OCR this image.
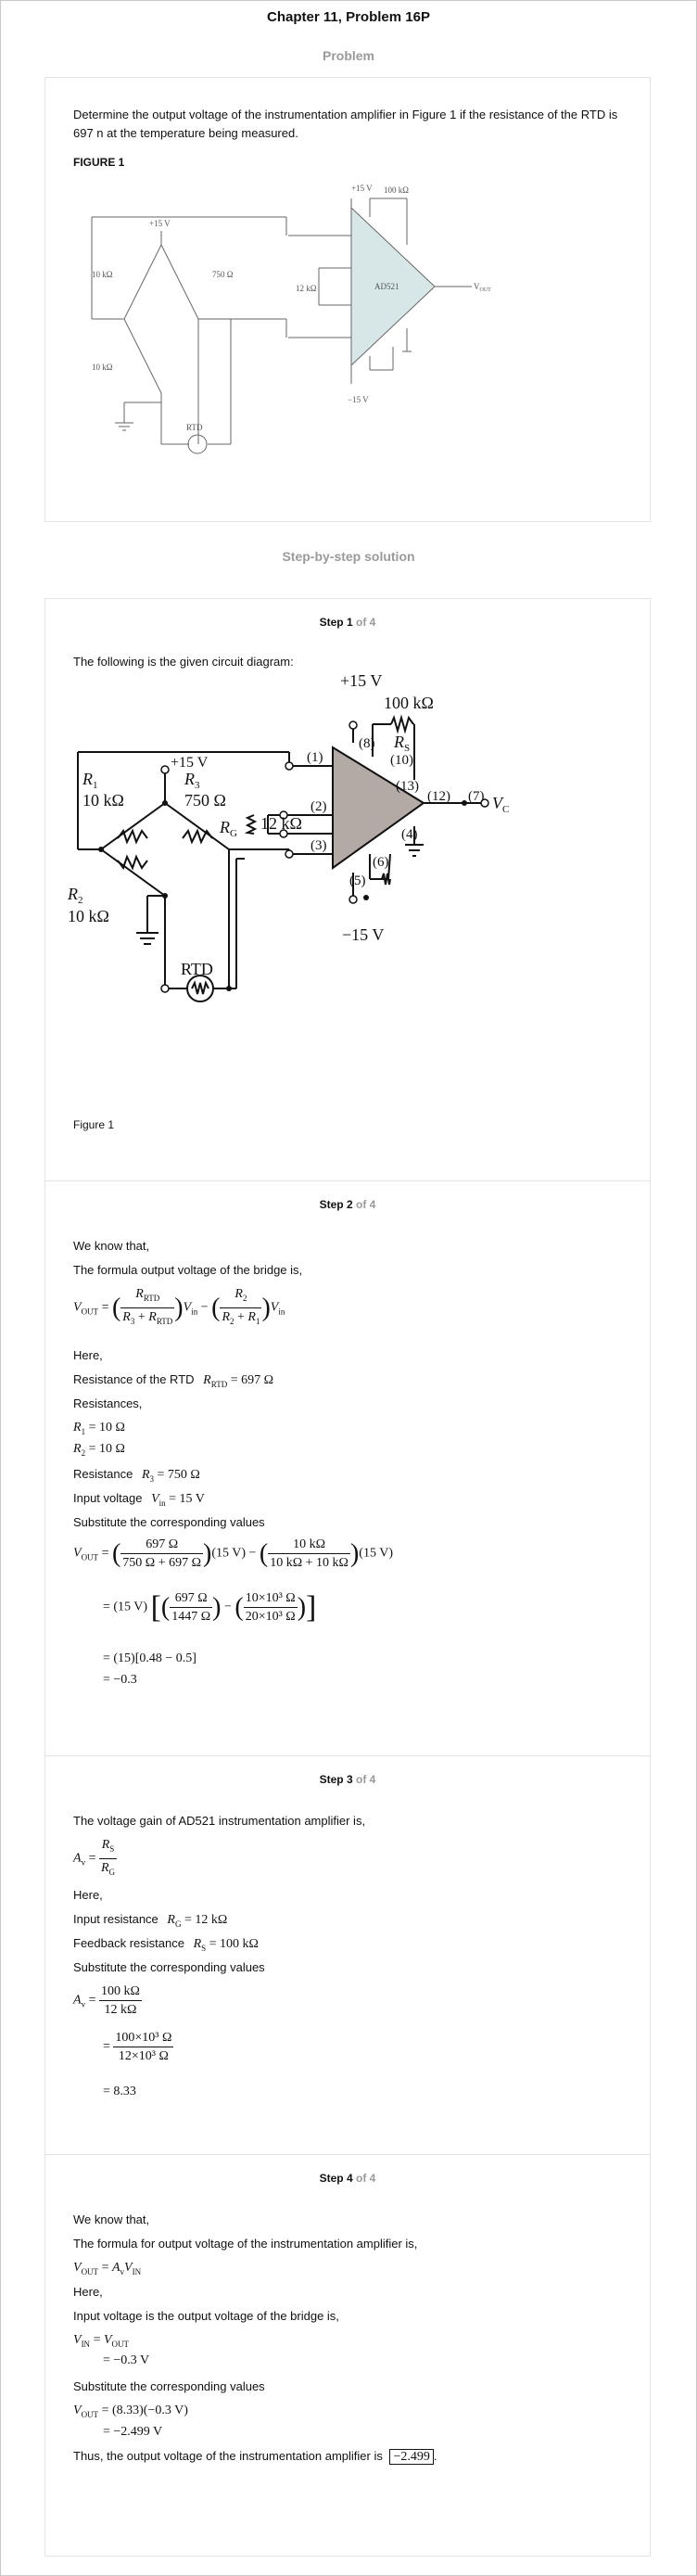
Chapter 11, Problem 16P
Problem
Determine the output voltage of the instrumentation amplifier in Figure 1 if the resistance of the RTD is 697 n at the temperature being measured.
FIGURE 1
+15 V
+15 V
−15 V
AD521
RTD
10 kΩ
10 kΩ
750 Ω
12 kΩ
100 kΩ
$V_{OUT}$
Step-by-step solution
Step 1 of 4
The following is the given circuit diagram:
+15 V
+15 V
−15 V
$R_1$
10 kΩ
$R_2$
10 kΩ
$R_3$
750 Ω
$R_G$
12 kΩ
100 kΩ
$R_S$
RTD
$V_C$
(1)
(2)
(3)
(8)
(10)
(13)
(12) (7)
(4)
(6)
(5)
Figure 1
Step 2 of 4
We know that,
The formula output voltage of the bridge is,
$V_{OUT}$ = ( $\frac{R_{RTD}}{R_3 + R_{RTD}} )V_{in}$ − ( $\frac{R_2}{R_2 + R_1} )V_{in}$
Here,
Resistance of the RTD $R_{RTD} = 697$ Ω
Resistances,
$R_1 = 10$ Ω
$R_2 = 10$ Ω
Resistance $R_3 = 750$ Ω
Input voltage $V_{in} = 15$ V
Substitute the corresponding values
$V_{OUT}$ = ( $\frac{697 \Omega}{750 \Omega + 697 \Omega} )(15$ V) − ( $\frac{10 k\Omega}{10 k\Omega + 10 k\Omega} )(15$ V)
= (15 V) [( $\frac{697 \Omega}{1447 \Omega}$ ) − ( $\frac{\text{10×10³ Ω}}{\text{20×10³ Ω}}$ )]
= (15)[0.48 − 0.5]
= −0.3
Step 3 of 4
The voltage gain of AD521 instrumentation amplifier is,
$A_v = \frac{R_S}{R_G}$
Here,
Input resistance $R_G = 12$ kΩ
Feedback resistance $R_S = 100$ kΩ
Substitute the corresponding values
$A_v = \frac{100 k\Omega}{12 k\Omega}$
= $\frac{\text{100×10³ Ω}}{\text{12×10³ Ω}}$
= 8.33
Step 4 of 4
We know that,
The formula for output voltage of the instrumentation amplifier is,
$V_{OUT} = A_vV_{IN}$
Here,
Input voltage is the output voltage of the bridge is,
$V_{IN} = V_{OUT}$
= −0.3 V
Substitute the corresponding values
$V_{OUT} = (8.33)(-0.3$ V)
= −2.499 V
Thus, the output voltage of the instrumentation amplifier is −2.499 .
